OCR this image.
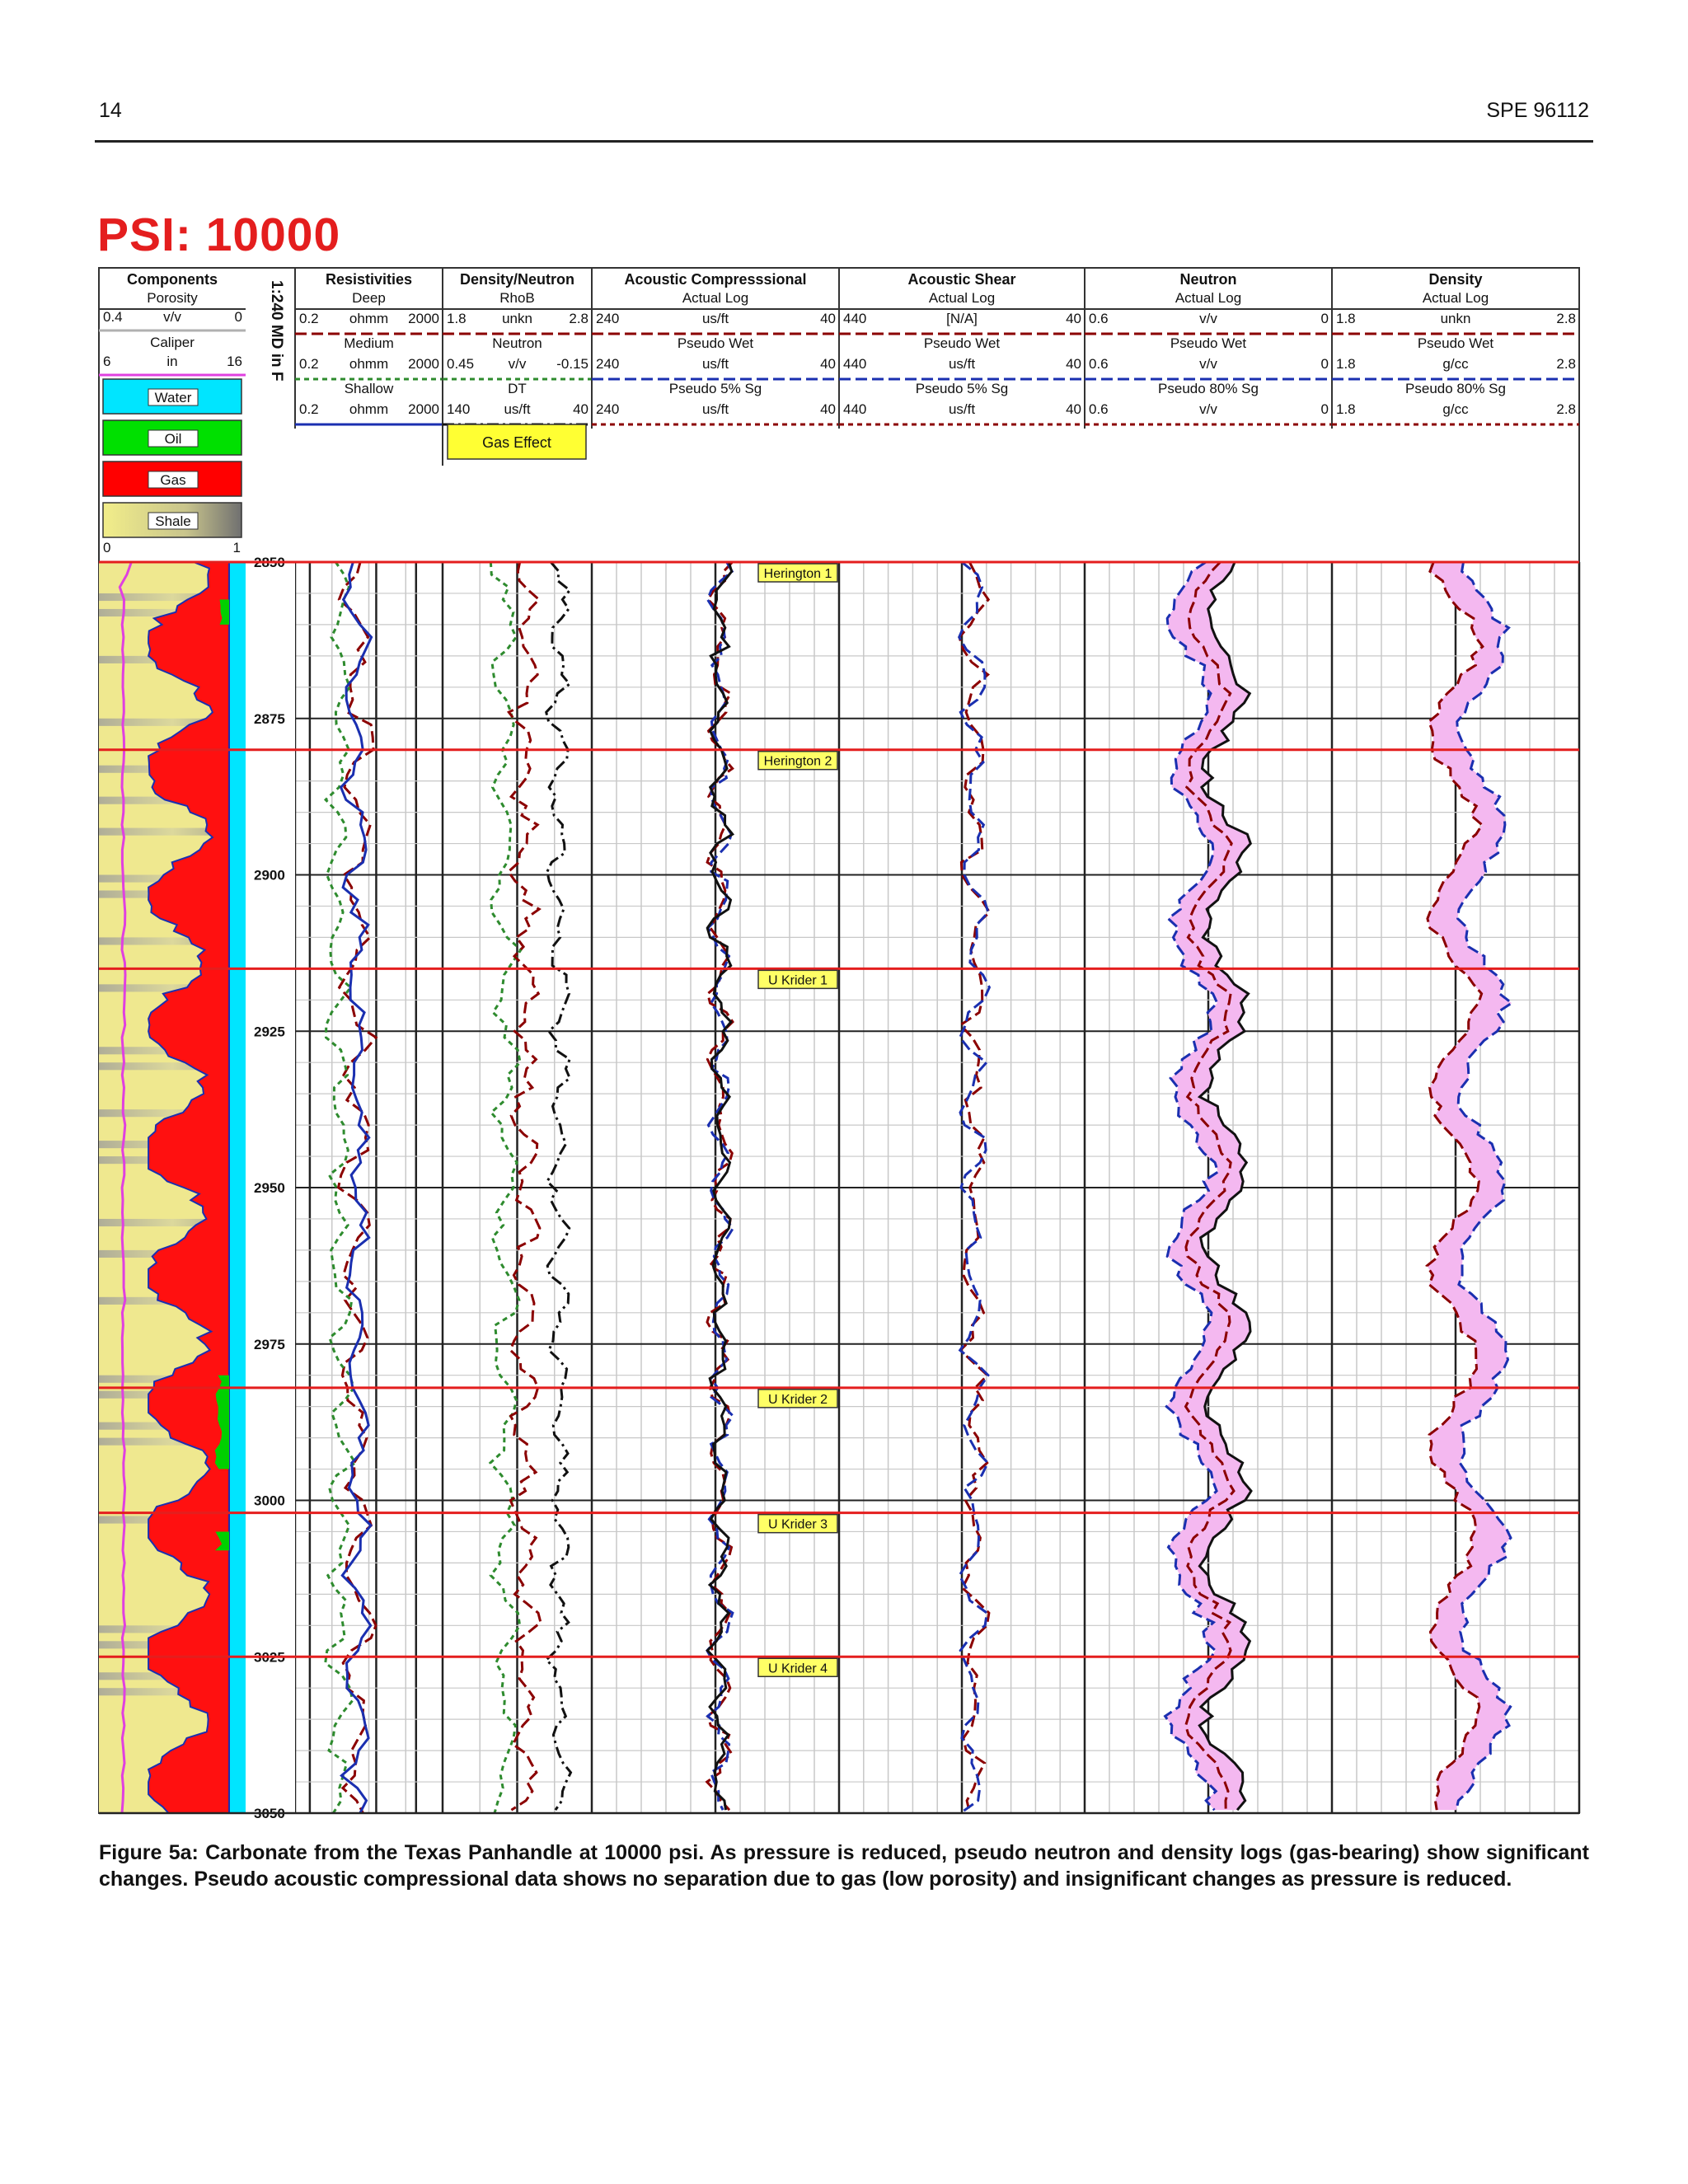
14	SPE 96112
PSI: 10000
Components
Porosity
0.4	v/v	0
Caliper
6	in	16
Resistivities
Deep
0.2 ohmm 2000
Medium
0.2 ohmm 2000
Shallow
0.2 ohmm 2000
Density/Neutron
RhoB
1.8	unkn	2.8
Neutron
0.45 v/v -0.15
DT
140 us/ft	40
Acoustic Compresssional
Actual Log
240	us/ft	40
Pseudo Wet
240	us/ft	40
Pseudo 5% Sg
240	us/ft	40
Acoustic Shear
Actual Log
440	[N/A]	40
Pseudo Wet
440	us/ft	40
Pseudo 5% Sg
440	us/ft	40
Neutron
Actual Log
0.6	v/v	0
Pseudo Wet
0.6	v/v	0
Pseudo 80% Sg
0.6	v/v	0
Density
Actual Log
1.8	unkn	2.8
Pseudo Wet
1.8	g/cc	2.8
Pseudo 80% Sg
1.8	g/cc	2.8
Water
Oil
Gas
Shale
0	1
Gas Effect
1:240 MD in F
2850
2875
2900
2925
2950
2975
3000
3025
3050
Herington 1
Herington 2
U Krider 1
U Krider 2
U Krider 3
U Krider 4
Figure 5a: Carbonate from the Texas Panhandle at 10000 psi. As pressure is reduced, pseudo neutron and density logs (gas-bearing) show significant changes. Pseudo acoustic compressional data shows no separation due to gas (low porosity) and insignificant changes as pressure is reduced.
